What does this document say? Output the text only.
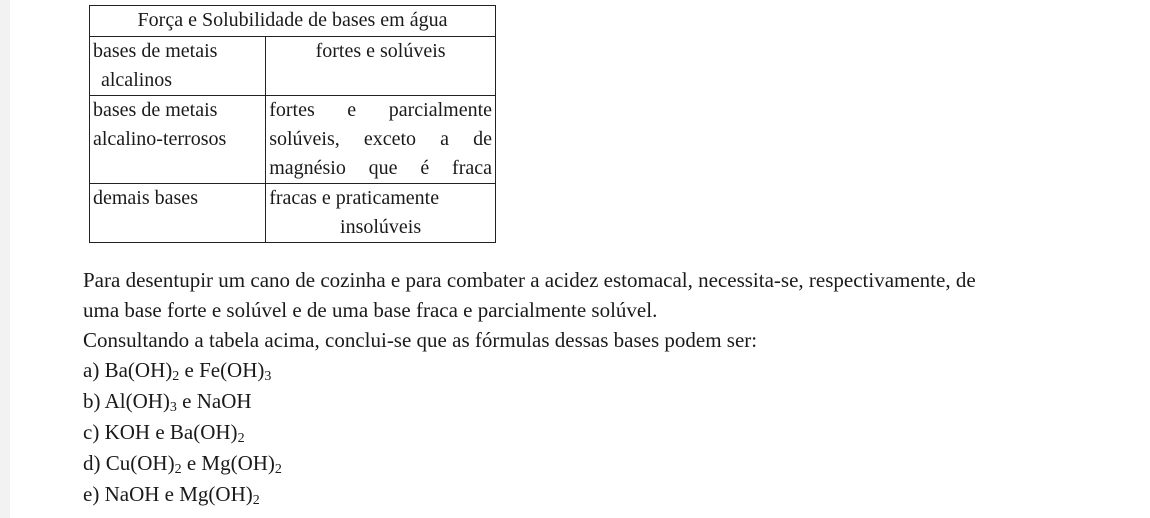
Força e Solubilidade de bases em água	

bases de metais
alcalinos	fortes e solúveis

bases de metais
alcalino-terrosos	fortes e parcialmente
solúveis, exceto a de
magnésio que é fraca

demais bases	fracas e praticamente
insolúveis
Para desentupir um cano de cozinha e para combater a acidez estomacal, necessita-se, respectivamente, de
uma base forte e solúvel e de uma base fraca e parcialmente solúvel.
Consultando a tabela acima, conclui-se que as fórmulas dessas bases podem ser:
a) $Ba(OH)_2$ e $Fe(OH)_3$
b) $Al(OH)_3$ e NaOH
c) KOH e $Ba(OH)_2$
d) $Cu(OH)_2$ e $Mg(OH)_2$
e) NaOH e $Mg(OH)_2$
